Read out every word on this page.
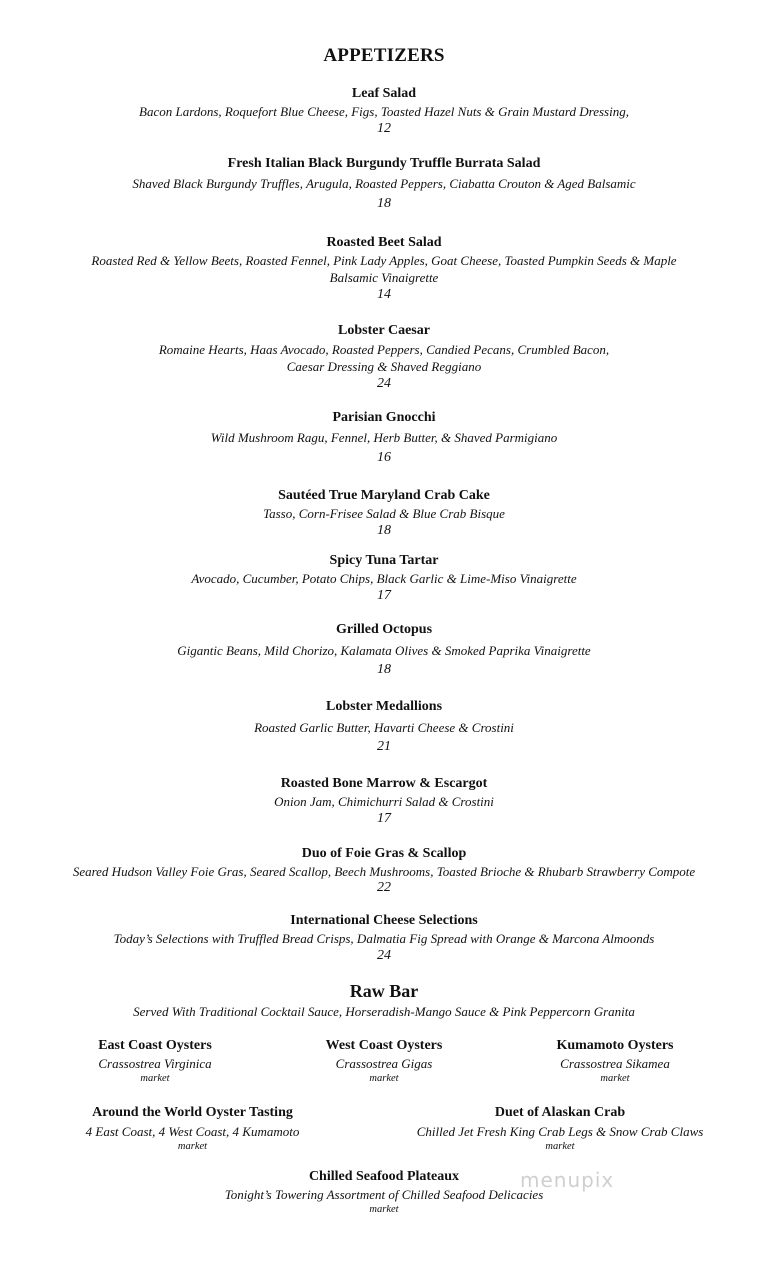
APPETIZERS
Leaf Salad
Bacon Lardons, Roquefort Blue Cheese, Figs, Toasted Hazel Nuts & Grain Mustard Dressing,
12
Fresh Italian Black Burgundy Truffle Burrata Salad
Shaved Black Burgundy Truffles, Arugula, Roasted Peppers, Ciabatta Crouton & Aged Balsamic
18
Roasted Beet Salad
Roasted Red & Yellow Beets, Roasted Fennel, Pink Lady Apples, Goat Cheese, Toasted Pumpkin Seeds & Maple
Balsamic Vinaigrette
14
Lobster Caesar
Romaine Hearts, Haas Avocado, Roasted Peppers, Candied Pecans, Crumbled Bacon,
Caesar Dressing & Shaved Reggiano
24
Parisian Gnocchi
Wild Mushroom Ragu, Fennel, Herb Butter, & Shaved Parmigiano
16
Sautéed True Maryland Crab Cake
Tasso, Corn-Frisee Salad & Blue Crab Bisque
18
Spicy Tuna Tartar
Avocado, Cucumber, Potato Chips, Black Garlic & Lime-Miso Vinaigrette
17
Grilled Octopus
Gigantic Beans, Mild Chorizo, Kalamata Olives & Smoked Paprika Vinaigrette
18
Lobster Medallions
Roasted Garlic Butter, Havarti Cheese & Crostini
21
Roasted Bone Marrow & Escargot
Onion Jam, Chimichurri Salad & Crostini
17
Duo of Foie Gras & Scallop
Seared Hudson Valley Foie Gras, Seared Scallop, Beech Mushrooms, Toasted Brioche & Rhubarb Strawberry Compote
22
International Cheese Selections
Today’s Selections with Truffled Bread Crisps, Dalmatia Fig Spread with Orange & Marcona Almoonds
24
Raw Bar
Served With Traditional Cocktail Sauce, Horseradish-Mango Sauce & Pink Peppercorn Granita
East Coast Oysters
Crassostrea Virginica
market
West Coast Oysters
Crassostrea Gigas
market
Kumamoto Oysters
Crassostrea Sikamea
market
Around the World Oyster Tasting
4 East Coast, 4 West Coast, 4 Kumamoto
market
Duet of Alaskan Crab
Chilled Jet Fresh King Crab Legs & Snow Crab Claws
market
Chilled Seafood Plateaux
Tonight’s Towering Assortment of Chilled Seafood Delicacies
market
menupix
